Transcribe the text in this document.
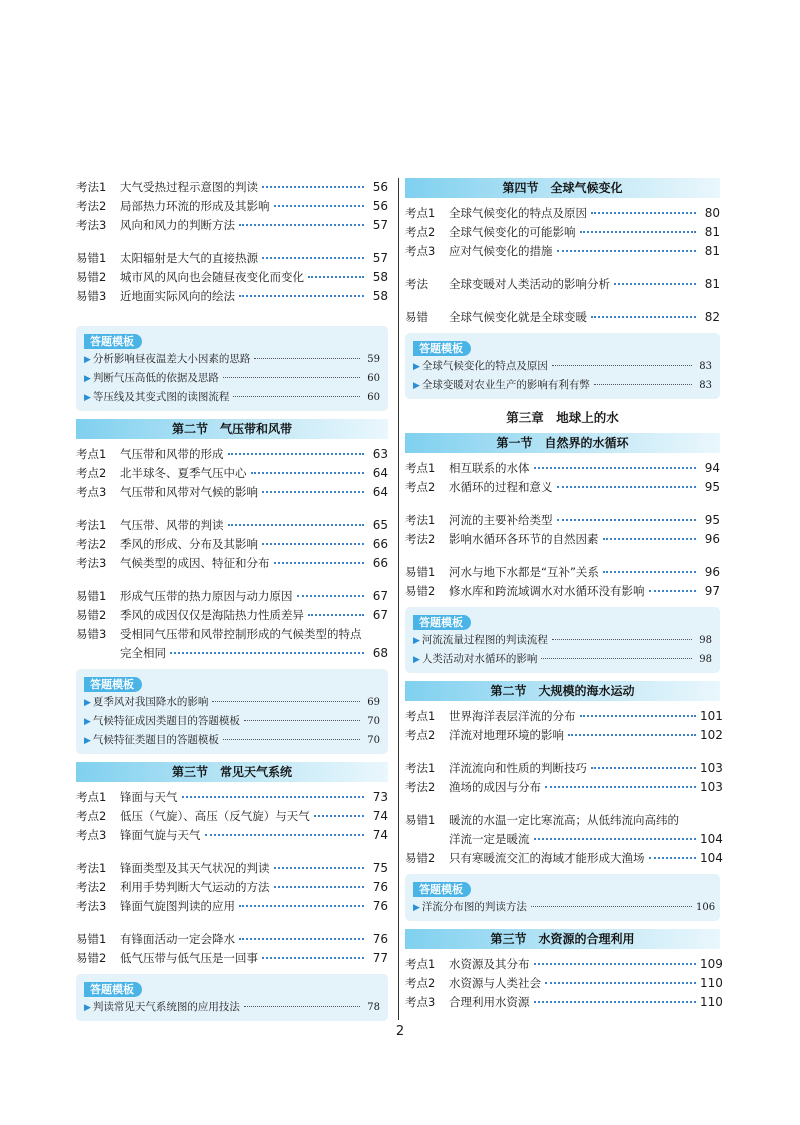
考法1	大气受热过程示意图的判读	56
考法2	局部热力环流的形成及其影响	56
考法3	风向和风力的判断方法	57
易错1	太阳辐射是大气的直接热源	57
易错2	城市风的风向也会随昼夜变化而变化	58
易错3	近地面实际风向的绘法	58
答题模板
▶ 分析影响昼夜温差大小因素的思路	59
▶ 判断气压高低的依据及思路	60
▶ 等压线及其变式图的读图流程	60
第二节　气压带和风带
考点1	气压带和风带的形成	63
考点2	北半球冬、夏季气压中心	64
考点3	气压带和风带对气候的影响	64
考法1	气压带、风带的判读	65
考法2	季风的形成、分布及其影响	66
考法3	气候类型的成因、特征和分布	66
易错1	形成气压带的热力原因与动力原因	67
易错2	季风的成因仅仅是海陆热力性质差异	67
易错3	受相同气压带和风带控制形成的气候类型的特点
完全相同	68
答题模板
▶ 夏季风对我国降水的影响	69
▶ 气候特征成因类题目的答题模板	70
▶ 气候特征类题目的答题模板	70
第三节　常见天气系统
考点1	锋面与天气	73
考点2	低压（气旋）、高压（反气旋）与天气	74
考点3	锋面气旋与天气	74
考法1	锋面类型及其天气状况的判读	75
考法2	利用手势判断大气运动的方法	76
考法3	锋面气旋图判读的应用	76
易错1	有锋面活动一定会降水	76
易错2	低气压带与低气压是一回事	77
答题模板
▶ 判读常见天气系统图的应用技法	78
第四节　全球气候变化
考点1	全球气候变化的特点及原因	80
考点2	全球气候变化的可能影响	81
考点3	应对气候变化的措施	81
考法	全球变暖对人类活动的影响分析	81
易错	全球气候变化就是全球变暖	82
答题模板
▶ 全球气候变化的特点及原因	83
▶ 全球变暖对农业生产的影响有利有弊	83
第三章　地球上的水
第一节　自然界的水循环
考点1	相互联系的水体	94
考点2	水循环的过程和意义	95
考法1	河流的主要补给类型	95
考法2	影响水循环各环节的自然因素	96
易错1	河水与地下水都是“互补”关系	96
易错2	修水库和跨流域调水对水循环没有影响	97
答题模板
▶ 河流流量过程图的判读流程	98
▶ 人类活动对水循环的影响	98
第二节　大规模的海水运动
考点1	世界海洋表层洋流的分布	101
考点2	洋流对地理环境的影响	102
考法1	洋流流向和性质的判断技巧	103
考法2	渔场的成因与分布	103
易错1	暖流的水温一定比寒流高；从低纬流向高纬的
洋流一定是暖流	104
易错2	只有寒暖流交汇的海域才能形成大渔场	104
答题模板
▶ 洋流分布图的判读方法	106
第三节　水资源的合理利用
考点1	水资源及其分布	109
考点2	水资源与人类社会	110
考点3	合理利用水资源	110
2
